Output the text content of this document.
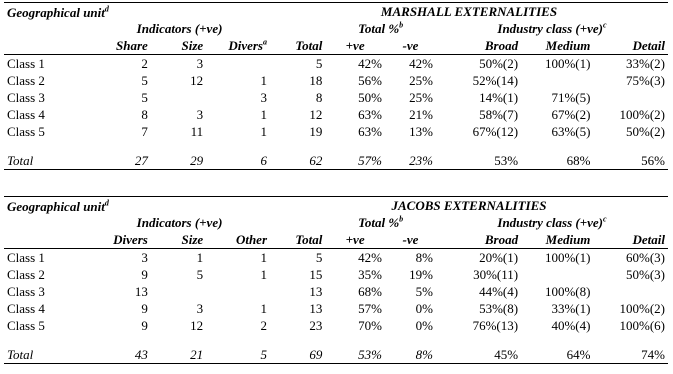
Geographical unit$^d$				MARSHALL EXTERNALITIES					
	Indicators (+ve)				Total %$^b$		Industry class $(+ve)^c$
	Share	Size	Divers$^a$	Total	+ve	-ve	Broad	Medium	Detail
Class 1	2	3		5	42%	42%	50%(2)	100%(1)	33%(2)
Class 2	5	12	1	18	56%	25%	52%(14)		75%(3)
Class 3	5		3	8	50%	25%	14%(1)	71%(5)	
Class 4	8	3	1	12	63%	21%	58%(7)	67%(2)	100%(2)
Class 5	7	11	1	19	63%	13%	67%(12)	63%(5)	50%(2)

Total	27	29	6	62	57%	23%	53%	68%	56%
Geographical unit$^d$				JACOBS EXTERNALITIES					
	Indicators (+ve)				Total %$^b$		Industry class $(+ve)^c$
	Divers	Size	Other	Total	+ve	-ve	Broad	Medium	Detail
Class 1	3	1	1	5	42%	8%	20%(1)	100%(1)	60%(3)
Class 2	9	5	1	15	35%	19%	30%(11)		50%(3)
Class 3	13			13	68%	5%	44%(4)	100%(8)	
Class 4	9	3	1	13	57%	0%	53%(8)	33%(1)	100%(2)
Class 5	9	12	2	23	70%	0%	76%(13)	40%(4)	100%(6)

Total	43	21	5	69	53%	8%	45%	64%	74%
